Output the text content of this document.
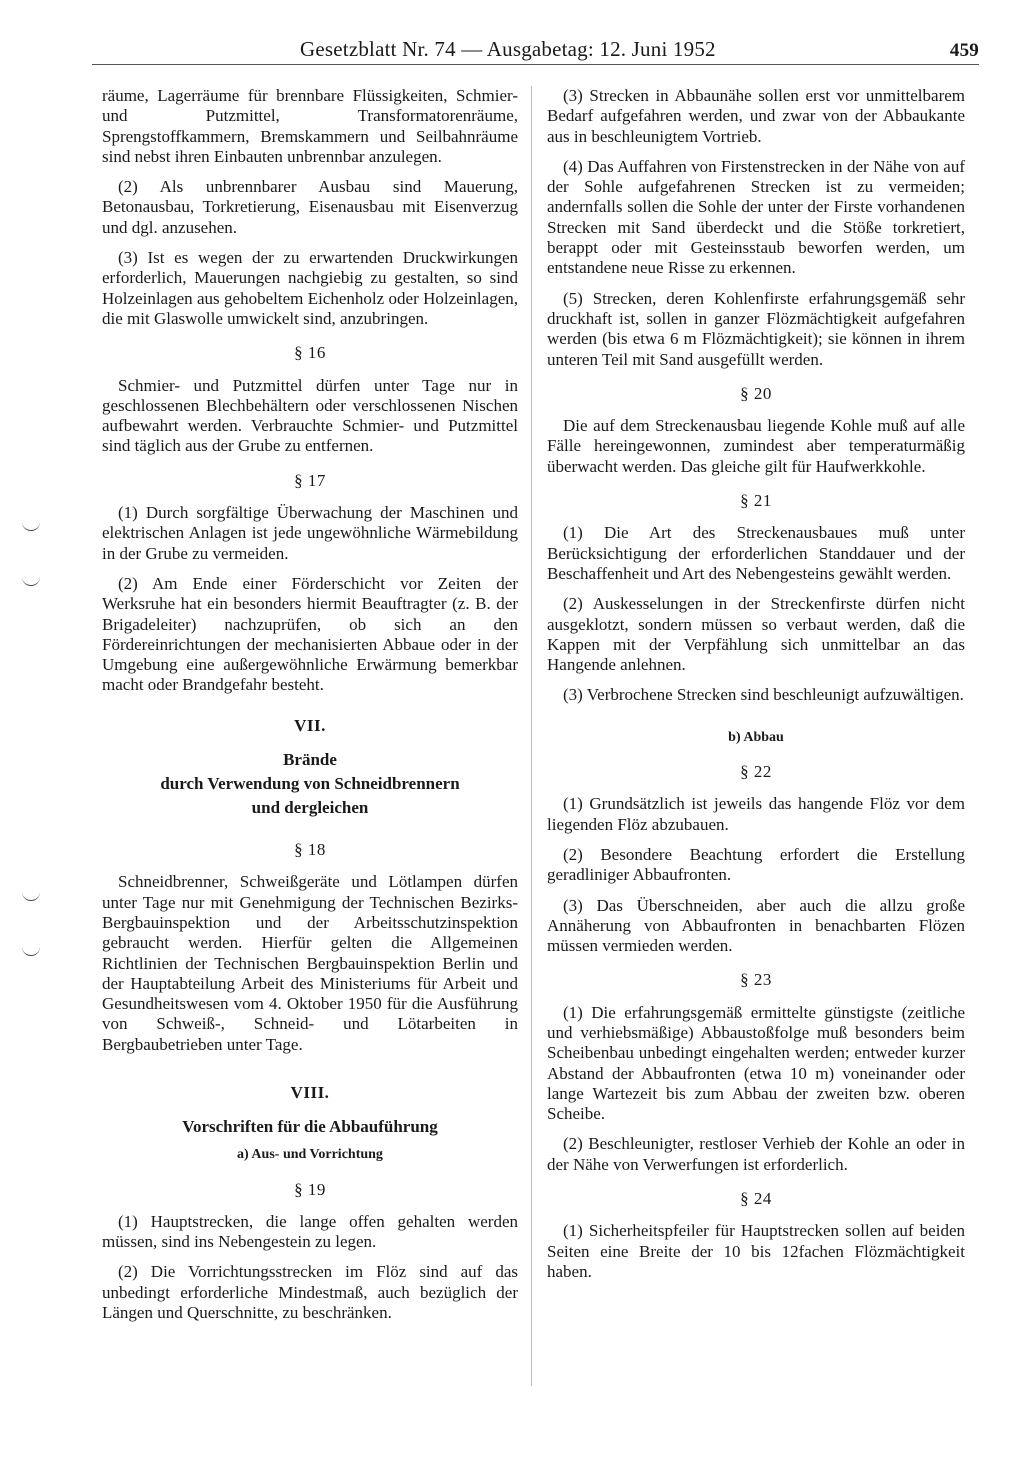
Gesetzblatt Nr. 74 — Ausgabetag: 12. Juni 1952	459

räume, Lagerräume für brennbare Flüssigkeiten, Schmier- und Putzmittel, Transformatorenräume, Sprengstoffkammern, Bremskammern und Seilbahnräume sind nebst ihren Einbauten unbrennbar anzulegen.

(2) Als unbrennbarer Ausbau sind Mauerung, Betonausbau, Torkretierung, Eisenausbau mit Eisenverzug und dgl. anzusehen.

(3) Ist es wegen der zu erwartenden Druckwirkungen erforderlich, Mauerungen nachgiebig zu gestalten, so sind Holzeinlagen aus gehobeltem Eichenholz oder Holzeinlagen, die mit Glaswolle umwickelt sind, anzubringen.

§ 16

Schmier- und Putzmittel dürfen unter Tage nur in geschlossenen Blechbehältern oder verschlossenen Nischen aufbewahrt werden. Verbrauchte Schmier- und Putzmittel sind täglich aus der Grube zu entfernen.

§ 17

(1) Durch sorgfältige Überwachung der Maschinen und elektrischen Anlagen ist jede ungewöhnliche Wärmebildung in der Grube zu vermeiden.

(2) Am Ende einer Förderschicht vor Zeiten der Werksruhe hat ein besonders hiermit Beauftragter (z. B. der Brigadeleiter) nachzuprüfen, ob sich an den Fördereinrichtungen der mechanisierten Abbaue oder in der Umgebung eine außergewöhnliche Erwärmung bemerkbar macht oder Brandgefahr besteht.

VII.
Brände
durch Verwendung von Schneidbrennern
und dergleichen
§ 18

Schneidbrenner, Schweißgeräte und Lötlampen dürfen unter Tage nur mit Genehmigung der Technischen Bezirks-Bergbauinspektion und der Arbeitsschutzinspektion gebraucht werden. Hierfür gelten die Allgemeinen Richtlinien der Technischen Bergbauinspektion Berlin und der Hauptabteilung Arbeit des Ministeriums für Arbeit und Gesundheitswesen vom 4. Oktober 1950 für die Ausführung von Schweiß-, Schneid- und Lötarbeiten in Bergbaubetrieben unter Tage.

VIII.
Vorschriften für die Abbauführung
a) Aus- und Vorrichtung
§ 19

(1) Hauptstrecken, die lange offen gehalten werden müssen, sind ins Nebengestein zu legen.

(2) Die Vorrichtungsstrecken im Flöz sind auf das unbedingt erforderliche Mindestmaß, auch bezüglich der Längen und Querschnitte, zu beschränken.

(3) Strecken in Abbaunähe sollen erst vor unmittelbarem Bedarf aufgefahren werden, und zwar von der Abbaukante aus in beschleunigtem Vortrieb.

(4) Das Auffahren von Firstenstrecken in der Nähe von auf der Sohle aufgefahrenen Strecken ist zu vermeiden; andernfalls sollen die Sohle der unter der Firste vorhandenen Strecken mit Sand überdeckt und die Stöße torkretiert, berappt oder mit Gesteinsstaub beworfen werden, um entstandene neue Risse zu erkennen.

(5) Strecken, deren Kohlenfirste erfahrungsgemäß sehr druckhaft ist, sollen in ganzer Flözmächtigkeit aufgefahren werden (bis etwa 6 m Flözmächtigkeit); sie können in ihrem unteren Teil mit Sand ausgefüllt werden.

§ 20

Die auf dem Streckenausbau liegende Kohle muß auf alle Fälle hereingewonnen, zumindest aber temperaturmäßig überwacht werden. Das gleiche gilt für Haufwerkkohle.

§ 21

(1) Die Art des Streckenausbaues muß unter Berücksichtigung der erforderlichen Standdauer und der Beschaffenheit und Art des Nebengesteins gewählt werden.

(2) Auskesselungen in der Streckenfirste dürfen nicht ausgeklotzt, sondern müssen so verbaut werden, daß die Kappen mit der Verpfählung sich unmittelbar an das Hangende anlehnen.

(3) Verbrochene Strecken sind beschleunigt aufzuwältigen.

b) Abbau
§ 22

(1) Grundsätzlich ist jeweils das hangende Flöz vor dem liegenden Flöz abzubauen.

(2) Besondere Beachtung erfordert die Erstellung geradliniger Abbaufronten.

(3) Das Überschneiden, aber auch die allzu große Annäherung von Abbaufronten in benachbarten Flözen müssen vermieden werden.

§ 23

(1) Die erfahrungsgemäß ermittelte günstigste (zeitliche und verhiebsmäßige) Abbaustoßfolge muß besonders beim Scheibenbau unbedingt eingehalten werden; entweder kurzer Abstand der Abbaufronten (etwa 10 m) voneinander oder lange Wartezeit bis zum Abbau der zweiten bzw. oberen Scheibe.

(2) Beschleunigter, restloser Verhieb der Kohle an oder in der Nähe von Verwerfungen ist erforderlich.

§ 24

(1) Sicherheitspfeiler für Hauptstrecken sollen auf beiden Seiten eine Breite der 10 bis 12fachen Flözmächtigkeit haben.
